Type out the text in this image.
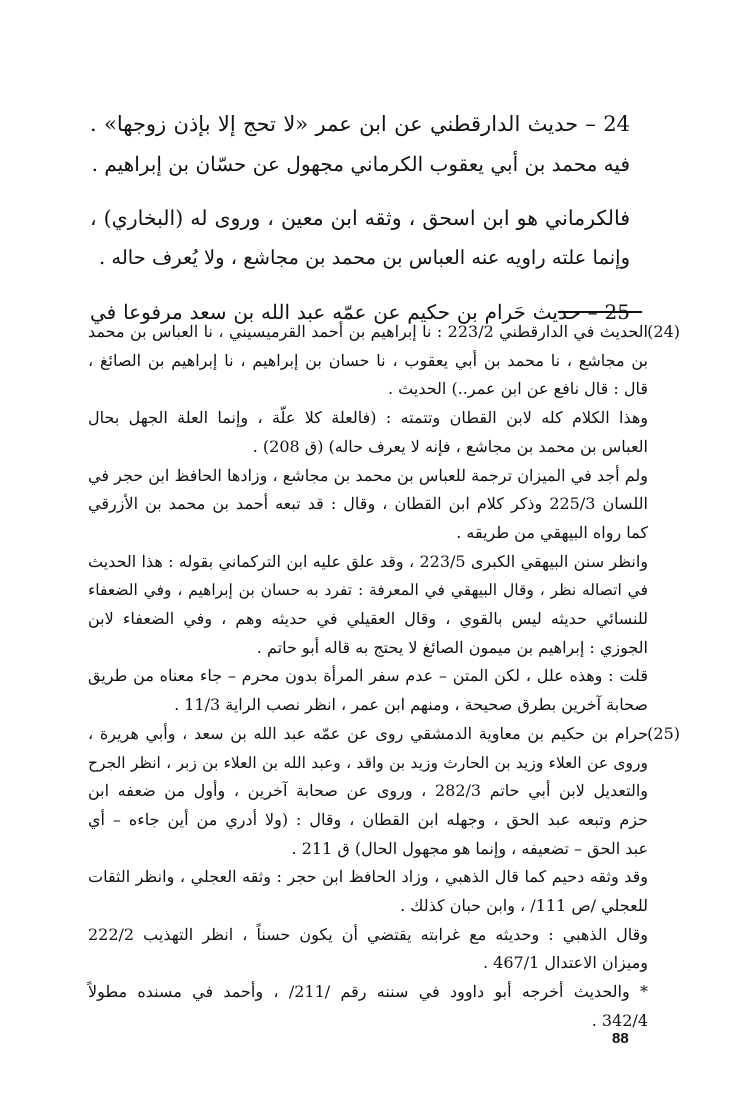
24 – حديث الدارقطني عن ابن عمر «لا تحج إلا بإذن زوجها» .

فيه محمد بن أبي يعقوب الكرماني مجهول عن حسّان بن إبراهيم .

فالكرماني هو ابن اسحق ، وثقه ابن معين ، وروى له (البخاري) ،

وإنما علته راويه عنه العباس بن محمد بن مجاشع ، ولا يُعرف حاله .

25 – حديث حَرام بن حكيم عن عمّه عبد الله بن سعد مرفوعا في

(24)

الحديث في الدارقطني 223/2 : نا إبراهيم بن أحمد القرميسيني ، نا العباس بن محمد

بن مجاشع ، نا محمد بن أبي يعقوب ، نا حسان بن إبراهيم ، نا إبراهيم بن الصائغ ،

قال : قال نافع عن ابن عمر..) الحديث .

وهذا الكلام كله لابن القطان وتتمته : (فالعلة كلا علّة ، وإنما العلة الجهل بحال

العباس بن محمد بن مجاشع ، فإنه لا يعرف حاله) (ق 208) .

ولم أجد في الميزان ترجمة للعباس بن محمد بن مجاشع ، وزادها الحافظ ابن حجر في

اللسان 225/3 وذكر كلام ابن القطان ، وقال : قد تبعه أحمد بن محمد بن الأزرقي

كما رواه البيهقي من طريقه .

وانظر سنن البيهقي الكبرى 223/5 ، وقد علق عليه ابن التركماني بقوله : هذا الحديث

في اتصاله نظر ، وقال البيهقي في المعرفة : تفرد به حسان بن إبراهيم ، وفي الضعفاء

للنسائي حديثه ليس بالقوي ، وقال العقيلي في حديثه وهم ، وفي الضعفاء لابن

الجوزي : إبراهيم بن ميمون الصائغ لا يحتج به قاله أبو حاتم .

قلت : وهذه علل ، لكن المتن – عدم سفر المرأة بدون محرم – جاء معناه من طريق

صحابة آخرين بطرق صحيحة ، ومنهم ابن عمر ، انظر نصب الراية 11/3 .

(25)

حرام بن حكيم بن معاوية الدمشقي روى عن عمّه عبد الله بن سعد ، وأبي هريرة ،

وروى عن العلاء وزيد بن الحارث وزيد بن واقد ، وعبد الله بن العلاء بن زبر ، انظر الجرح

والتعديل لابن أبي حاتم 282/3 ، وروى عن صحابة آخرين ، وأول من ضعفه ابن

حزم وتبعه عبد الحق ، وجهله ابن القطان ، وقال : (ولا أدري من أين جاءه – أي

عبد الحق – تضعيفه ، وإنما هو مجهول الحال) ق 211 .

وقد وثقه دحيم كما قال الذهبي ، وزاد الحافظ ابن حجر : وثقه العجلي ، وانظر الثقات

للعجلي /ص 111/ ، وابن حبان كذلك .

وقال الذهبي : وحديثه مع غرابته يقتضي أن يكون حسناً ، انظر التهذيب 222/2

وميزان الاعتدال 467/1 .

* والحديث أخرجه أبو داوود في سننه رقم /211/ ، وأحمد في مسنده مطولاً

342/4 .

88
